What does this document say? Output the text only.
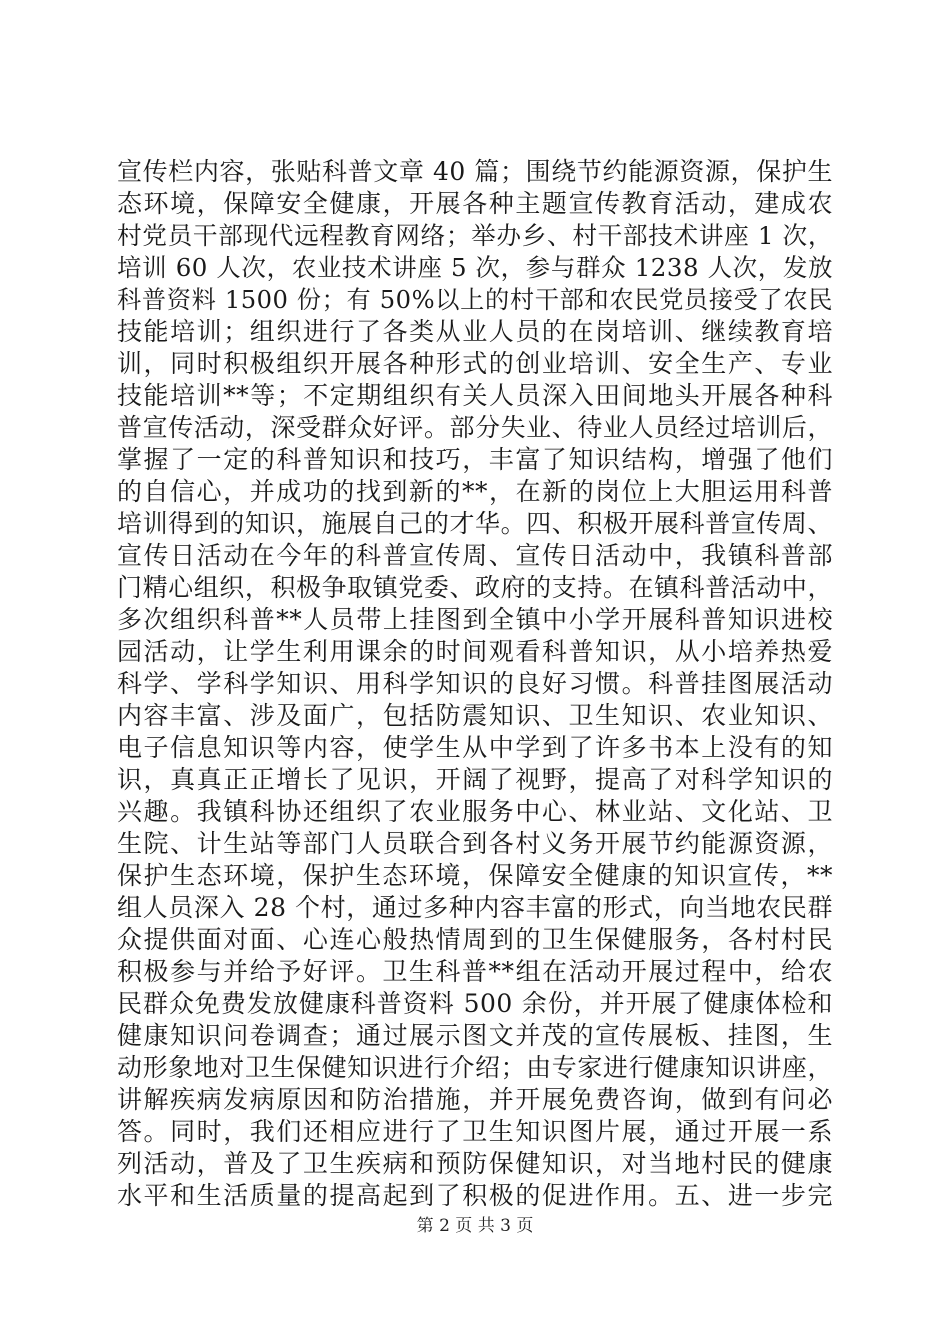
宣传栏内容，张贴科普文章 40 篇；围绕节约能源资源，保护生
态环境，保障安全健康，开展各种主题宣传教育活动，建成农
村党员干部现代远程教育网络；举办乡、村干部技术讲座 1 次，
培训 60 人次，农业技术讲座 5 次，参与群众 1238 人次，发放
科普资料 1500 份；有 50%以上的村干部和农民党员接受了农民
技能培训；组织进行了各类从业人员的在岗培训、继续教育培
训，同时积极组织开展各种形式的创业培训、安全生产、专业
技能培训**等；不定期组织有关人员深入田间地头开展各种科
普宣传活动，深受群众好评。部分失业、待业人员经过培训后，
掌握了一定的科普知识和技巧，丰富了知识结构，增强了他们
的自信心，并成功的找到新的**，在新的岗位上大胆运用科普
培训得到的知识，施展自己的才华。四、积极开展科普宣传周、
宣传日活动在今年的科普宣传周、宣传日活动中，我镇科普部
门精心组织，积极争取镇党委、政府的支持。在镇科普活动中，
多次组织科普**人员带上挂图到全镇中小学开展科普知识进校
园活动，让学生利用课余的时间观看科普知识，从小培养热爱
科学、学科学知识、用科学知识的良好习惯。科普挂图展活动
内容丰富、涉及面广，包括防震知识、卫生知识、农业知识、
电子信息知识等内容，使学生从中学到了许多书本上没有的知
识，真真正正增长了见识，开阔了视野，提高了对科学知识的
兴趣。我镇科协还组织了农业服务中心、林业站、文化站、卫
生院、计生站等部门人员联合到各村义务开展节约能源资源，
保护生态环境，保护生态环境，保障安全健康的知识宣传，**
组人员深入 28 个村，通过多种内容丰富的形式，向当地农民群
众提供面对面、心连心般热情周到的卫生保健服务，各村村民
积极参与并给予好评。卫生科普**组在活动开展过程中，给农
民群众免费发放健康科普资料 500 余份，并开展了健康体检和
健康知识问卷调查；通过展示图文并茂的宣传展板、挂图，生
动形象地对卫生保健知识进行介绍；由专家进行健康知识讲座，
讲解疾病发病原因和防治措施，并开展免费咨询，做到有问必
答。同时，我们还相应进行了卫生知识图片展，通过开展一系
列活动，普及了卫生疾病和预防保健知识，对当地村民的健康
水平和生活质量的提高起到了积极的促进作用。五、进一步完
第 2 页 共 3 页
